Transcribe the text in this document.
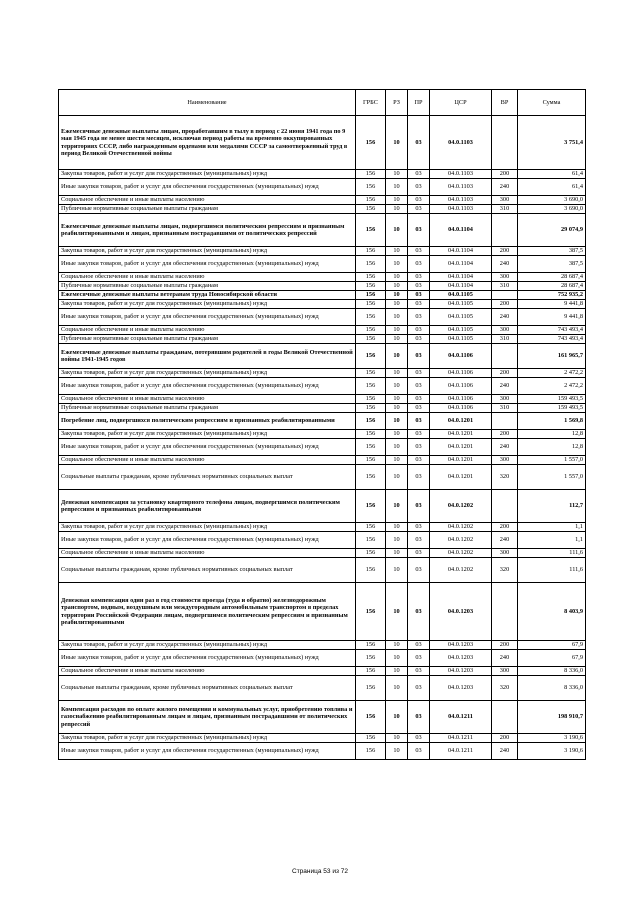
Наименование	ГРБС	РЗ	ПР	ЦСР	ВР	Сумма
Ежемесячные денежные выплаты лицам, проработавшим в тылу в период с 22 июня 1941 года по 9 мая 1945 года не менее шести месяцев, исключая период работы на временно оккупированных территориях СССР, либо награжденным орденами или медалями СССР за самоотверженный труд в период Великой Отечественной войны	156	10	03	04.0.1103		3 751,4
Закупка товаров, работ и услуг для государственных (муниципальных) нужд	156	10	03	04.0.1103	200	61,4
Иные закупки товаров, работ и услуг для обеспечения государственных (муниципальных) нужд	156	10	03	04.0.1103	240	61,4
Социальное обеспечение и иные выплаты населению	156	10	03	04.0.1103	300	3 690,0
Публичные нормативные социальные выплаты гражданам	156	10	03	04.0.1103	310	3 690,0
Ежемесячные денежные выплаты лицам, подвергшимся политическим репрессиям и признанным реабилитированными и лицам, признанным пострадавшими от политических репрессий	156	10	03	04.0.1104		29 074,9
Закупка товаров, работ и услуг для государственных (муниципальных) нужд	156	10	03	04.0.1104	200	387,5
Иные закупки товаров, работ и услуг для обеспечения государственных (муниципальных) нужд	156	10	03	04.0.1104	240	387,5
Социальное обеспечение и иные выплаты населению	156	10	03	04.0.1104	300	28 687,4
Публичные нормативные социальные выплаты гражданам	156	10	03	04.0.1104	310	28 687,4
Ежемесячные денежные выплаты ветеранам труда Новосибирской области	156	10	03	04.0.1105		752 935,2
Закупка товаров, работ и услуг для государственных (муниципальных) нужд	156	10	03	04.0.1105	200	9 441,8
Иные закупки товаров, работ и услуг для обеспечения государственных (муниципальных) нужд	156	10	03	04.0.1105	240	9 441,8
Социальное обеспечение и иные выплаты населению	156	10	03	04.0.1105	300	743 493,4
Публичные нормативные социальные выплаты гражданам	156	10	03	04.0.1105	310	743 493,4
Ежемесячные денежные выплаты гражданам, потерявшим родителей в годы Великой Отечественной войны 1941-1945 годов	156	10	03	04.0.1106		161 965,7
Закупка товаров, работ и услуг для государственных (муниципальных) нужд	156	10	03	04.0.1106	200	2 472,2
Иные закупки товаров, работ и услуг для обеспечения государственных (муниципальных) нужд	156	10	03	04.0.1106	240	2 472,2
Социальное обеспечение и иные выплаты населению	156	10	03	04.0.1106	300	159 493,5
Публичные нормативные социальные выплаты гражданам	156	10	03	04.0.1106	310	159 493,5
Погребение лиц, подвергшихся политическим репрессиям и признанных реабилитированными	156	10	03	04.0.1201		1 569,8
Закупка товаров, работ и услуг для государственных (муниципальных) нужд	156	10	03	04.0.1201	200	12,8
Иные закупки товаров, работ и услуг для обеспечения государственных (муниципальных) нужд	156	10	03	04.0.1201	240	12,8
Социальное обеспечение и иные выплаты населению	156	10	03	04.0.1201	300	1 557,0
Социальные выплаты гражданам, кроме публичных нормативных социальных выплат	156	10	03	04.0.1201	320	1 557,0
Денежная компенсация за установку квартирного телефона лицам, подвергшимся политическим репрессиям и признанных реабилитированными	156	10	03	04.0.1202		112,7
Закупка товаров, работ и услуг для государственных (муниципальных) нужд	156	10	03	04.0.1202	200	1,1
Иные закупки товаров, работ и услуг для обеспечения государственных (муниципальных) нужд	156	10	03	04.0.1202	240	1,1
Социальное обеспечение и иные выплаты населению	156	10	03	04.0.1202	300	111,6
Социальные выплаты гражданам, кроме публичных нормативных социальных выплат	156	10	03	04.0.1202	320	111,6
Денежная компенсация один раз в год стоимости проезда (туда и обратно) железнодорожным транспортом, водным, воздушным или междугородным автомобильным транспортом в пределах территории Российской Федерации лицам, подвергшимся политическим репрессиям и признанным реабилитированными	156	10	03	04.0.1203		8 403,9
Закупка товаров, работ и услуг для государственных (муниципальных) нужд	156	10	03	04.0.1203	200	67,9
Иные закупки товаров, работ и услуг для обеспечения государственных (муниципальных) нужд	156	10	03	04.0.1203	240	67,9
Социальное обеспечение и иные выплаты населению	156	10	03	04.0.1203	300	8 336,0
Социальные выплаты гражданам, кроме публичных нормативных социальных выплат	156	10	03	04.0.1203	320	8 336,0
Компенсация расходов по оплате жилого помещения и коммунальных услуг, приобретению топлива и газоснабжению реабилитированным лицам и лицам, признанным пострадавшими от политических репрессий	156	10	03	04.0.1211		198 910,7
Закупка товаров, работ и услуг для государственных (муниципальных) нужд	156	10	03	04.0.1211	200	3 190,6
Иные закупки товаров, работ и услуг для обеспечения государственных (муниципальных) нужд	156	10	03	04.0.1211	240	3 190,6
Страница 53 из 72
